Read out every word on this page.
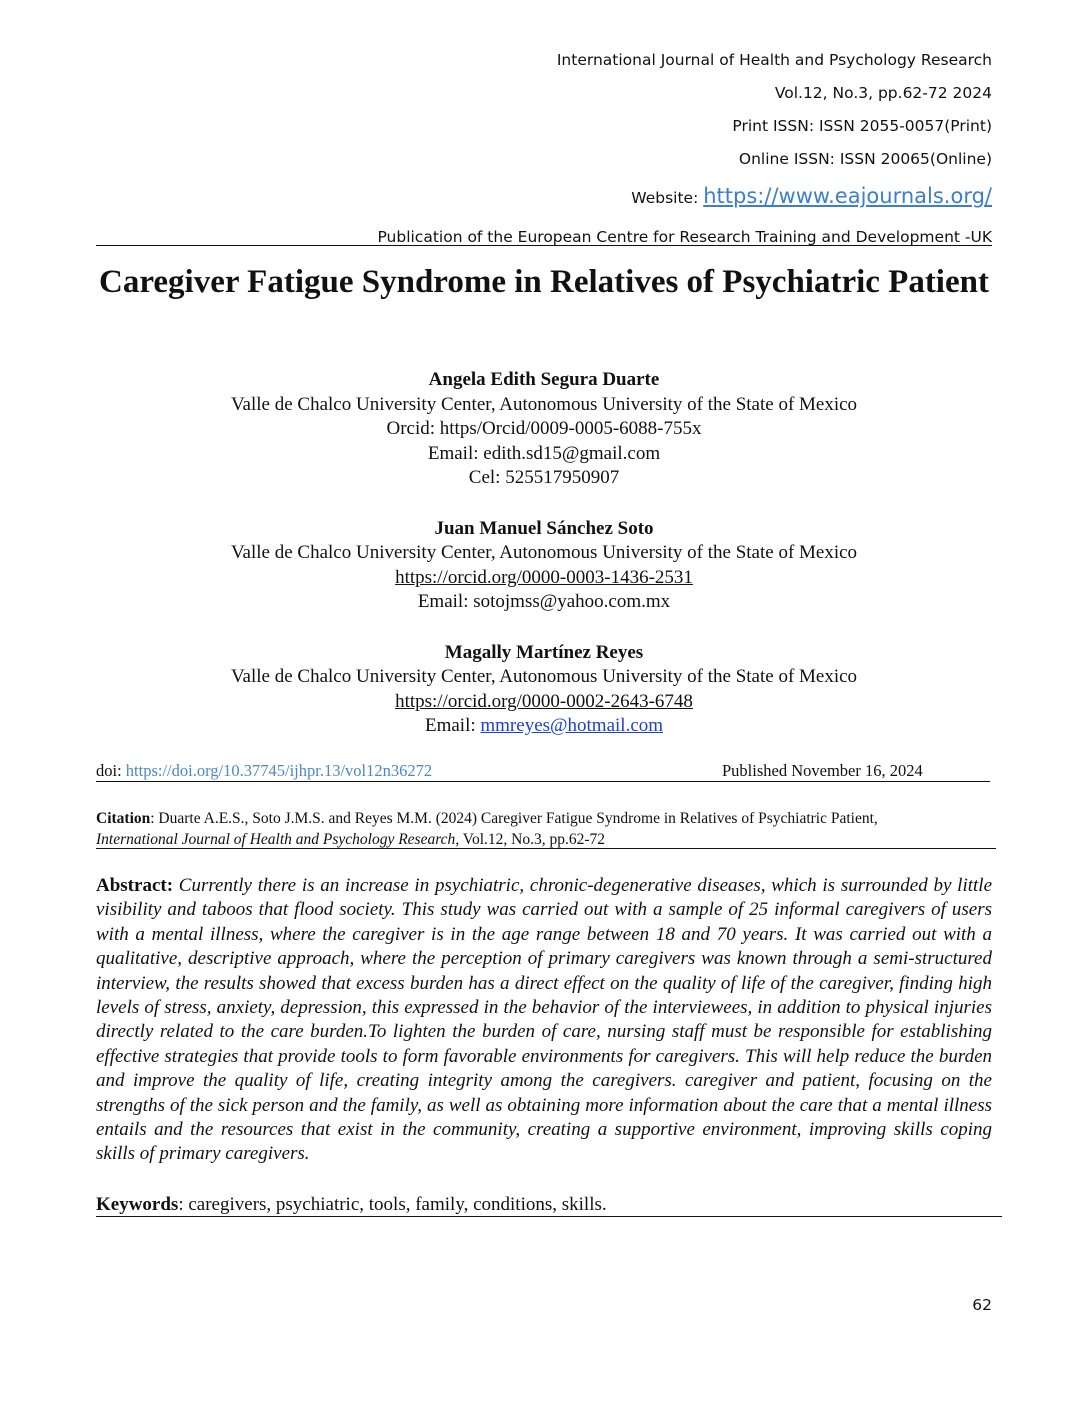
International Journal of Health and Psychology Research
Vol.12, No.3, pp.62-72 2024
Print ISSN: ISSN 2055-0057(Print)
Online ISSN: ISSN 20065(Online)
Website: https://www.eajournals.org/
Publication of the European Centre for Research Training and Development -UK
Caregiver Fatigue Syndrome in Relatives of Psychiatric Patient
Angela Edith Segura Duarte
Valle de Chalco University Center, Autonomous University of the State of Mexico
Orcid: https/Orcid/0009-0005-6088-755x
Email: edith.sd15@gmail.com
Cel: 525517950907
Juan Manuel Sánchez Soto
Valle de Chalco University Center, Autonomous University of the State of Mexico
https://orcid.org/0000-0003-1436-2531
Email: sotojmss@yahoo.com.mx
Magally Martínez Reyes
Valle de Chalco University Center, Autonomous University of the State of Mexico
https://orcid.org/0000-0002-2643-6748
Email: mmreyes@hotmail.com
doi: https://doi.org/10.37745/ijhpr.13/vol12n36272	Published November 16, 2024
Citation: Duarte A.E.S., Soto J.M.S. and Reyes M.M. (2024) Caregiver Fatigue Syndrome in Relatives of Psychiatric Patient,
International Journal of Health and Psychology Research, Vol.12, No.3, pp.62-72
Abstract: Currently there is an increase in psychiatric, chronic-degenerative diseases, which is surrounded by little visibility and taboos that flood society. This study was carried out with a sample of 25 informal caregivers of users with a mental illness, where the caregiver is in the age range between 18 and 70 years. It was carried out with a qualitative, descriptive approach, where the perception of primary caregivers was known through a semi-structured interview, the results showed that excess burden has a direct effect on the quality of life of the caregiver, finding high levels of stress, anxiety, depression, this expressed in the behavior of the interviewees, in addition to physical injuries directly related to the care burden.To lighten the burden of care, nursing staff must be responsible for establishing effective strategies that provide tools to form favorable environments for caregivers. This will help reduce the burden and improve the quality of life, creating integrity among the caregivers. caregiver and patient, focusing on the strengths of the sick person and the family, as well as obtaining more information about the care that a mental illness entails and the resources that exist in the community, creating a supportive environment, improving skills coping skills of primary caregivers.
Keywords: caregivers, psychiatric, tools, family, conditions, skills.
62
